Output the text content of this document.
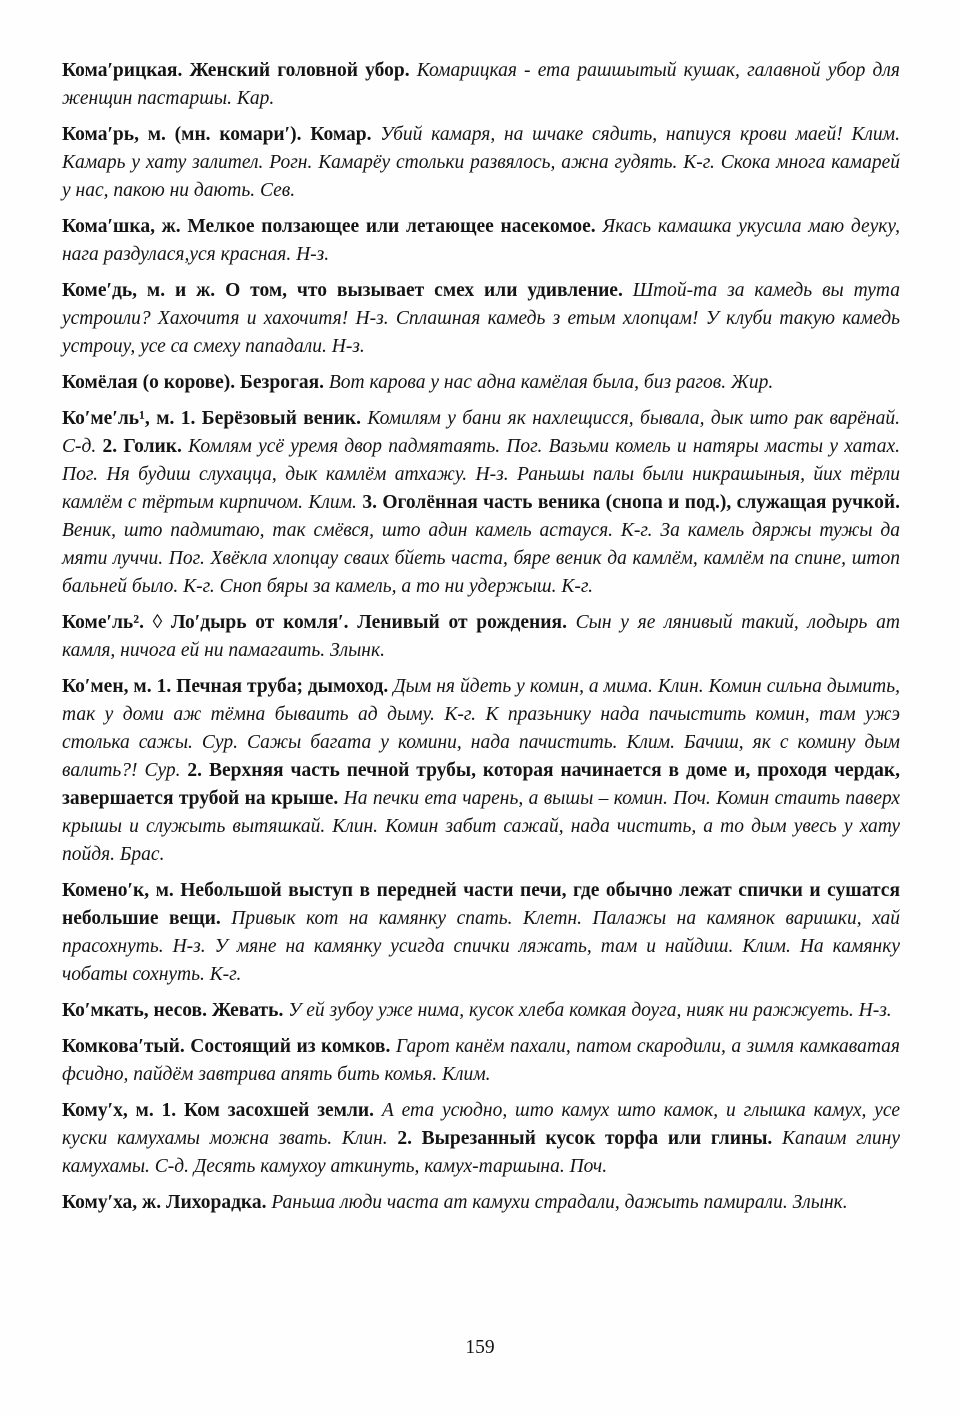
Кома′рицкая. Женский головной убор. Комарицкая - ета рашшытый кушак, галавной убор для женщин пастаршы. Кар.

Кома′рь, м. (мн. комари′). Комар. Убий камаря, на шчаке сядить, напиуся крови маей! Клим. Камарь у хату залител. Рогн. Камарёу стольки развялось, ажна гудять. К-г. Скока многа камарей у нас, пакою ни дають. Сев.

Кома′шка, ж. Мелкое ползающее или летающее насекомое. Якась камашка укусила маю деуку, нага раздулася,уся красная. Н-з.

Коме′дь, м. и ж. О том, что вызывает смех или удивление. Штой-та за камедь вы тута устроили? Хахочитя и хахочитя! Н-з. Сплашная камедь з етым хлопцам! У клуби такую камедь устроиу, усе са смеху пападали. Н-з.

Комёлая (о корове). Безрогая. Вот карова у нас адна камёлая была, биз рагов. Жир.

Ко′ме′ль¹, м. 1. Берёзовый веник. Комилям у бани як нахлещисся, бывала, дык што рак варёнай. С-д. 2. Голик. Комлям усё уремя двор падмятаять. Пог. Вазьми комель и натяры масты у хатах. Пог. Ня будиш слухацца, дык камлём атхажу. Н-з. Раньшы палы были никрашыныя, йих тёрли камлём с тёртым кирпичом. Клим. 3. Оголённая часть веника (снопа и под.), служащая ручкой. Веник, што падмитаю, так смёвся, што адин камель астауся. К-г. За камель дяржы тужы да мяти луччи. Пог. Хвёкла хлопцау сваих бйеть часта, бяре веник да камлём, камлём па спине, штоп бальней было. К-г. Сноп бяры за камель, а то ни удержыш. К-г.

Коме′ль². ◊ Ло′дырь от комля′. Ленивый от рождения. Сын у яе лянивый такий, лодырь ат камля, ничога ей ни памагаить. Злынк.

Ко′мен, м. 1. Печная труба; дымоход. Дым ня йдеть у комин, а мима. Клин. Комин сильна дымить, так у доми аж тёмна бываить ад дыму. К-г. К празьнику нада пачыстить комин, там ужэ столька сажы. Сур. Сажы багата у комини, нада пачистить. Клим. Бачиш, як с комину дым валить?! Сур. 2. Верхняя часть печной трубы, которая начинается в доме и, проходя чердак, завершается трубой на крыше. На печки ета чарень, а вышы – комин. Поч. Комин стаить паверх крышы и служыть вытяшкай. Клин. Комин забит сажай, нада чистить, а то дым увесь у хату пойдя. Брас.

Комено′к, м. Небольшой выступ в передней части печи, где обычно лежат спички и сушатся небольшие вещи. Привык кот на камянку спать. Клетн. Палажы на камянок варишки, хай прасохнуть. Н-з. У мяне на камянку усигда спички ляжать, там и найдиш. Клим. На камянку чобаты сохнуть. К-г.

Ко′мкать, несов. Жевать. У ей зубоу уже нима, кусок хлеба комкая доуга, нияк ни ражжуеть. Н-з.

Комкова′тый. Состоящий из комков. Гарот канём пахали, патом скародили, а зимля камкаватая фсидно, пайдём завтрива апять бить комья. Клим.

Кому′х, м. 1. Ком засохшей земли. А ета усюдно, што камух што камок, и глышка камух, усе куски камухамы можна звать. Клин. 2. Вырезанный кусок торфа или глины. Капаим глину камухамы. С-д. Десять камухоу аткинуть, камух-таршына. Поч.

Кому′ха, ж. Лихорадка. Раньша люди часта ат камухи страдали, дажыть памирали. Злынк.

159
